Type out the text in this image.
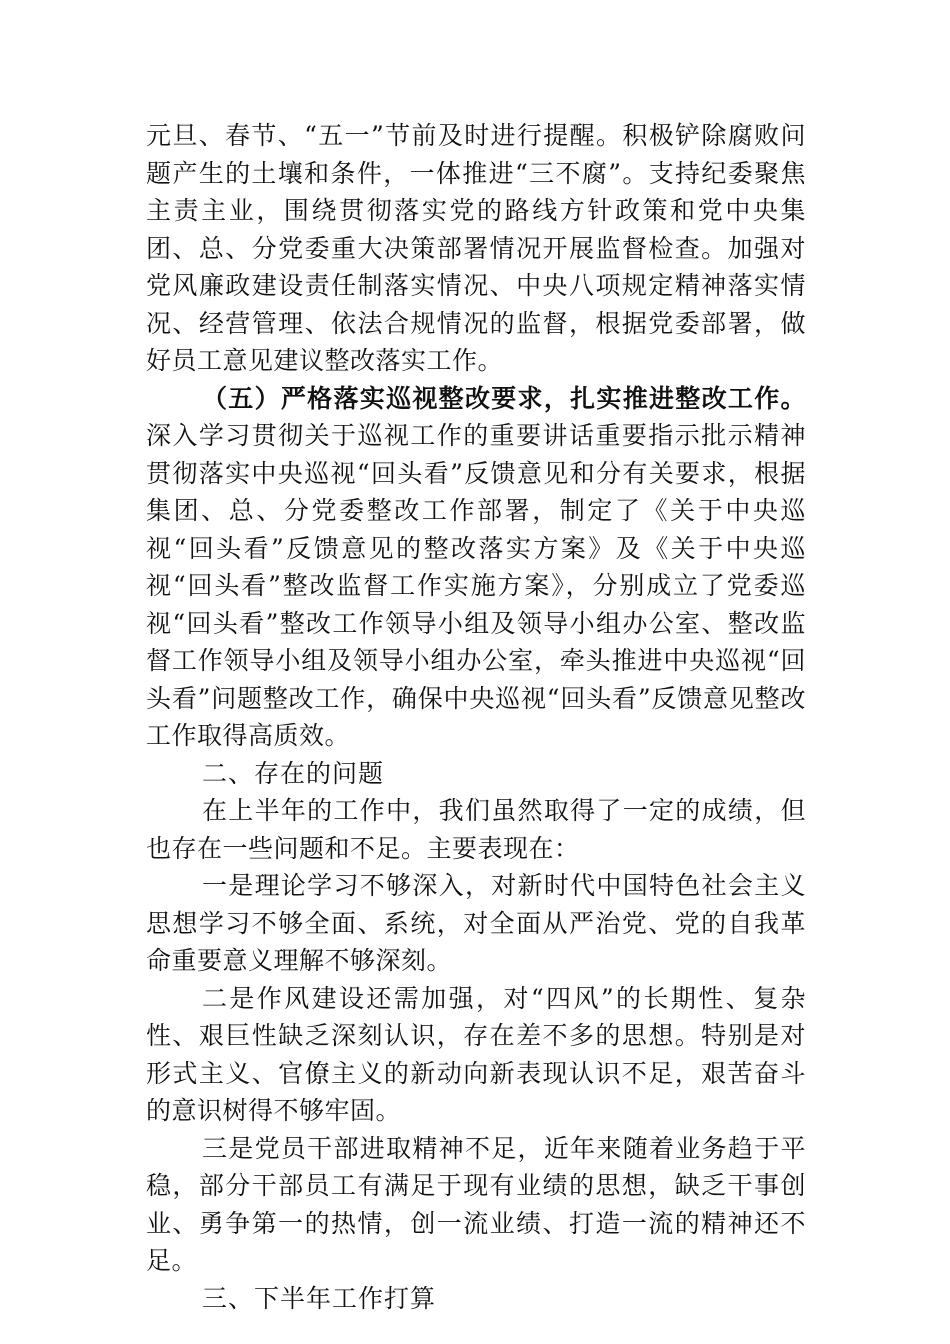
元旦、春节、“五一”节前及时进行提醒。积极铲除腐败问题产生的土壤和条件，一体推进“三不腐”。支持纪委聚焦主责主业，围绕贯彻落实党的路线方针政策和党中央集团、总、分党委重大决策部署情况开展监督检查。加强对党风廉政建设责任制落实情况、中央八项规定精神落实情况、经营管理、依法合规情况的监督，根据党委部署，做好员工意见建议整改落实工作。

（五）严格落实巡视整改要求，扎实推进整改工作。深入学习贯彻关于巡视工作的重要讲话重要指示批示精神贯彻落实中央巡视“回头看”反馈意见和分有关要求，根据集团、总、分党委整改工作部署，制定了《关于中央巡视“回头看”反馈意见的整改落实方案》及《关于中央巡视“回头看”整改监督工作实施方案》，分别成立了党委巡视“回头看”整改工作领导小组及领导小组办公室、整改监督工作领导小组及领导小组办公室，牵头推进中央巡视“回头看”问题整改工作，确保中央巡视“回头看”反馈意见整改工作取得高质效。

二、存在的问题

在上半年的工作中，我们虽然取得了一定的成绩，但也存在一些问题和不足。主要表现在：

一是理论学习不够深入，对新时代中国特色社会主义思想学习不够全面、系统，对全面从严治党、党的自我革命重要意义理解不够深刻。

二是作风建设还需加强，对“四风”的长期性、复杂性、艰巨性缺乏深刻认识，存在差不多的思想。特别是对形式主义、官僚主义的新动向新表现认识不足，艰苦奋斗的意识树得不够牢固。

三是党员干部进取精神不足，近年来随着业务趋于平稳，部分干部员工有满足于现有业绩的思想，缺乏干事创业、勇争第一的热情，创一流业绩、打造一流的精神还不足。

三、下半年工作打算
